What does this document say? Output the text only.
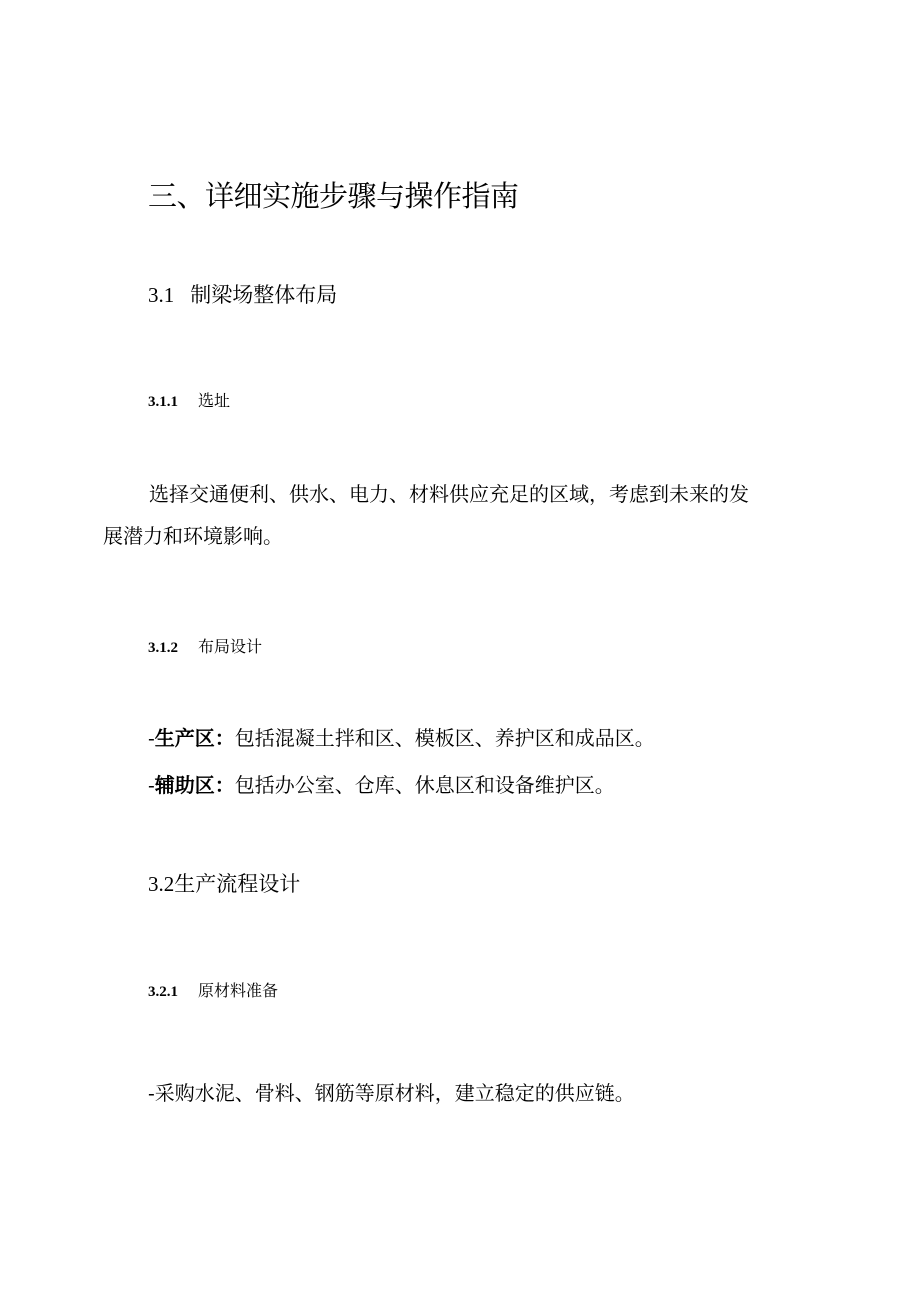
三、详细实施步骤与操作指南
3.1 制梁场整体布局
3.1.1 选址
选择交通便利、供水、电力、材料供应充足的区域，考虑到未来的发展潜力和环境影响。
3.1.2 布局设计
-生产区：包括混凝土拌和区、模板区、养护区和成品区。
-辅助区：包括办公室、仓库、休息区和设备维护区。
3.2生产流程设计
3.2.1 原材料准备
-采购水泥、骨料、钢筋等原材料，建立稳定的供应链。
